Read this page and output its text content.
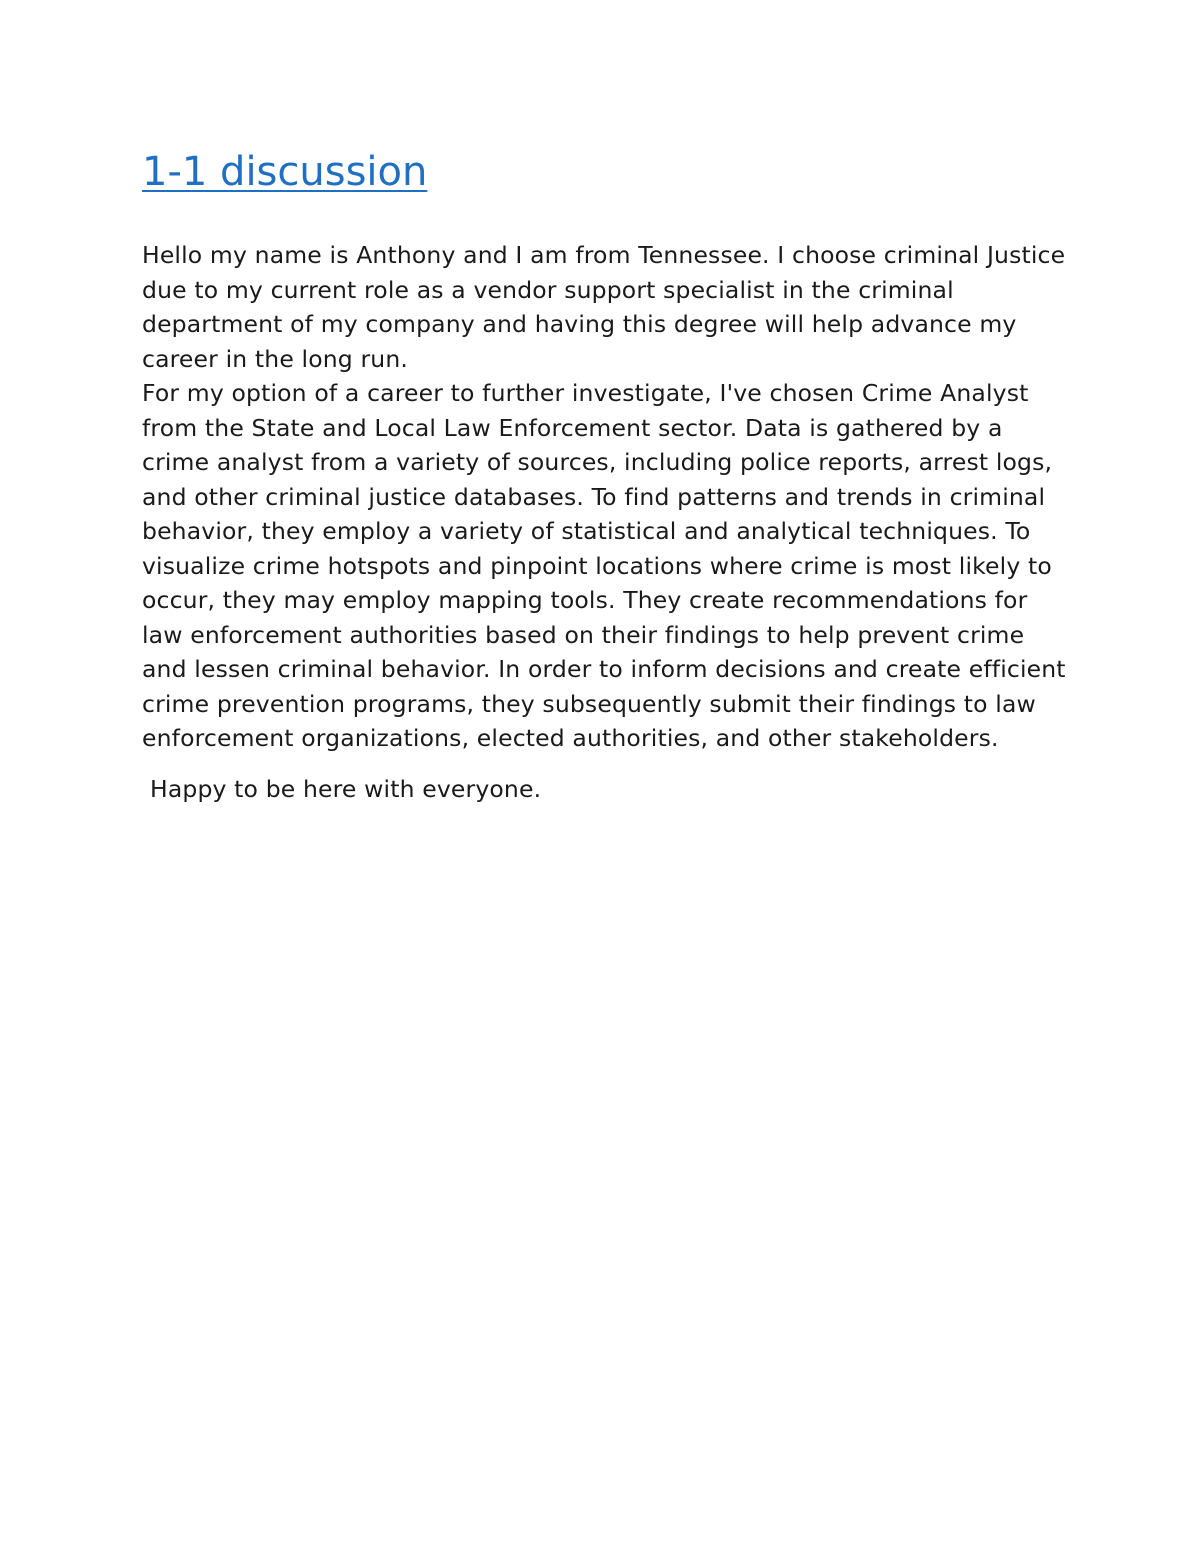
1-1 discussion

Hello my name is Anthony and I am from Tennessee. I choose criminal Justice due to my current role as a vendor support specialist in the criminal department of my company and having this degree will help advance my career in the long run.

For my option of a career to further investigate, I've chosen Crime Analyst from the State and Local Law Enforcement sector. Data is gathered by a crime analyst from a variety of sources, including police reports, arrest logs, and other criminal justice databases. To find patterns and trends in criminal behavior, they employ a variety of statistical and analytical techniques. To visualize crime hotspots and pinpoint locations where crime is most likely to occur, they may employ mapping tools. They create recommendations for law enforcement authorities based on their findings to help prevent crime and lessen criminal behavior. In order to inform decisions and create efficient crime prevention programs, they subsequently submit their findings to law enforcement organizations, elected authorities, and other stakeholders.

Happy to be here with everyone.
